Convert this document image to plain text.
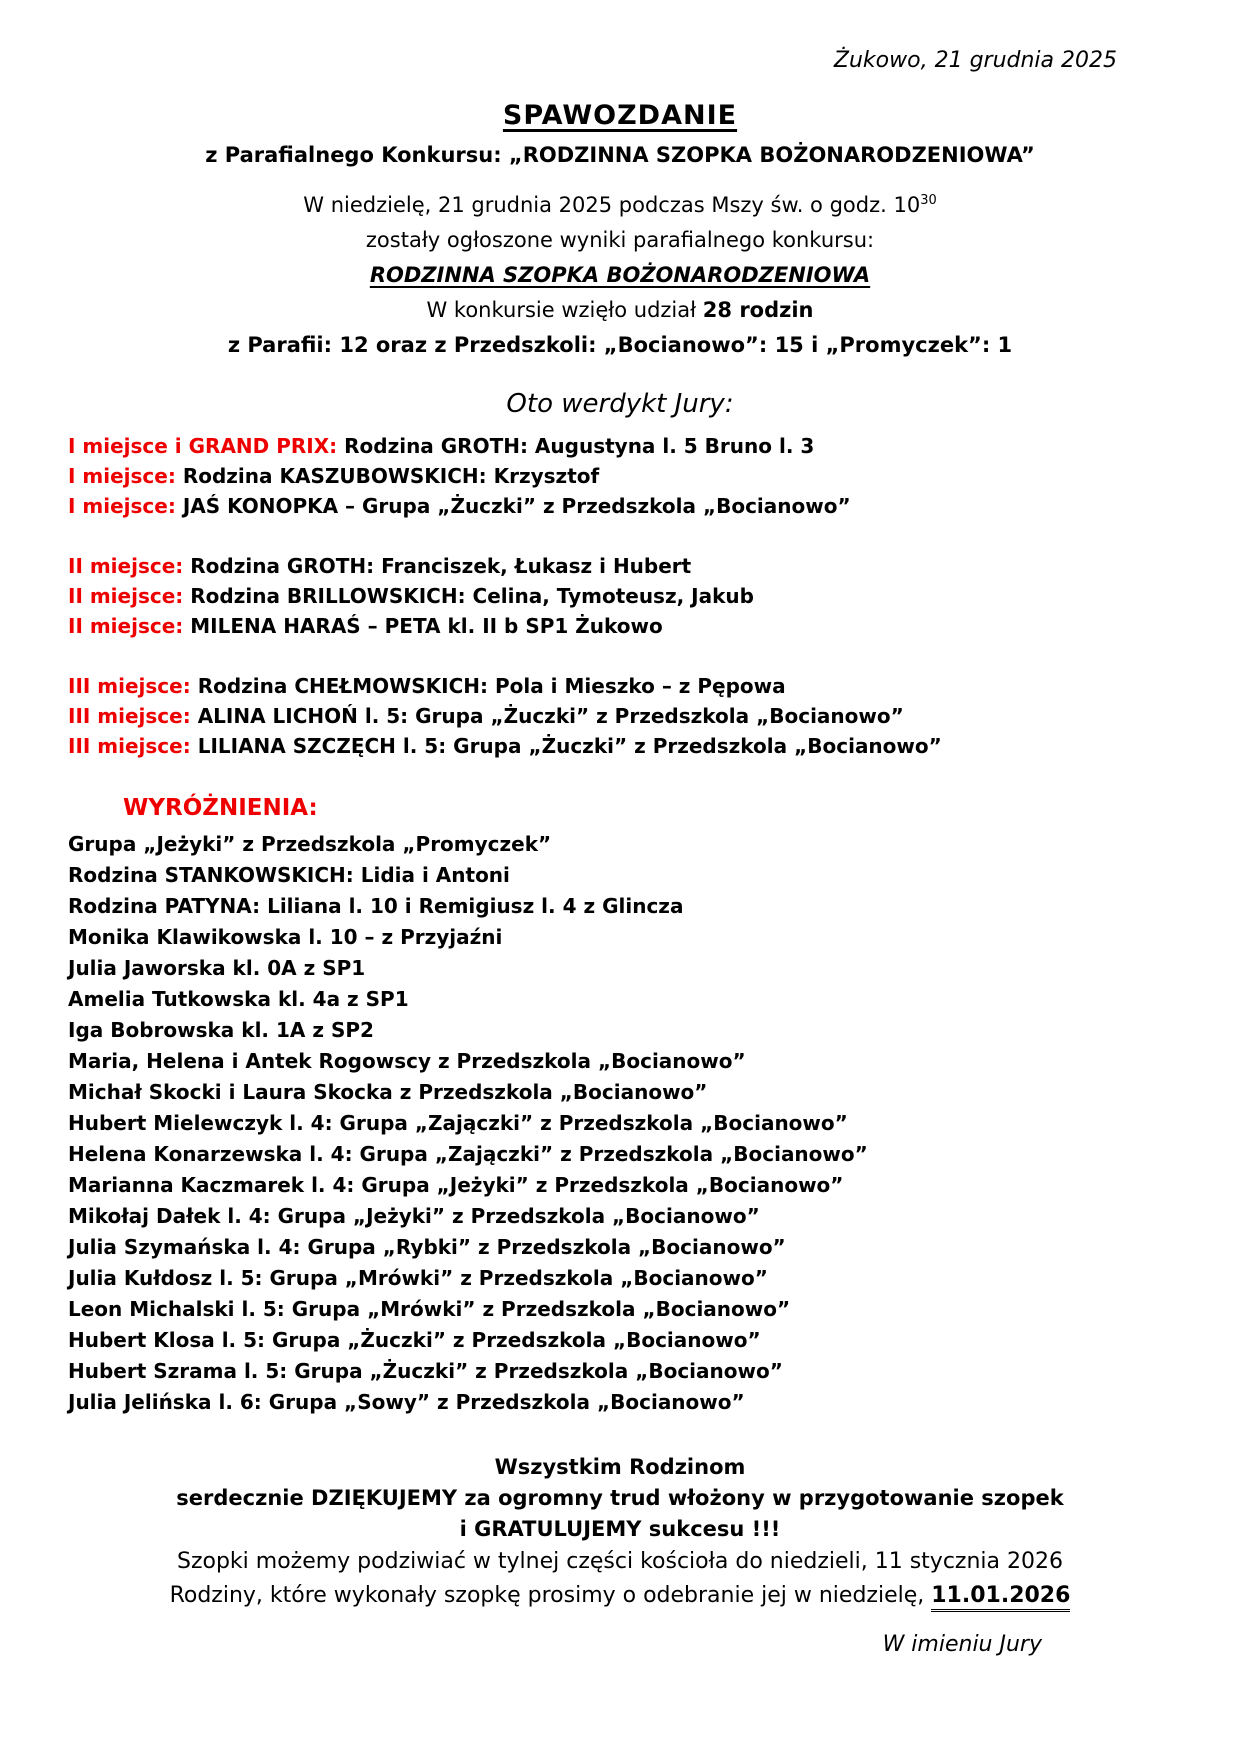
Żukowo, 21 grudnia 2025
SPAWOZDANIE
z Parafialnego Konkursu: „RODZINNA SZOPKA BOŻONARODZENIOWA”
W niedzielę, 21 grudnia 2025 podczas Mszy św. o godz. $10^{30}$
zostały ogłoszone wyniki parafialnego konkursu:
RODZINNA SZOPKA BOŻONARODZENIOWA
W konkursie wzięło udział 28 rodzin
z Parafii: 12 oraz z Przedszkoli: „Bocianowo”: 15 i „Promyczek”: 1
Oto werdykt Jury:
I miejsce i GRAND PRIX: Rodzina GROTH: Augustyna l. 5 Bruno l. 3
I miejsce: Rodzina KASZUBOWSKICH: Krzysztof
I miejsce: JAŚ KONOPKA – Grupa „Żuczki” z Przedszkola „Bocianowo”
II miejsce: Rodzina GROTH: Franciszek, Łukasz i Hubert
II miejsce: Rodzina BRILLOWSKICH: Celina, Tymoteusz, Jakub
II miejsce: MILENA HARAŚ – PETA kl. II b SP1 Żukowo
III miejsce: Rodzina CHEŁMOWSKICH: Pola i Mieszko – z Pępowa
III miejsce: ALINA LICHOŃ l. 5: Grupa „Żuczki” z Przedszkola „Bocianowo”
III miejsce: LILIANA SZCZĘCH l. 5: Grupa „Żuczki” z Przedszkola „Bocianowo”
WYRÓŻNIENIA:
Grupa „Jeżyki” z Przedszkola „Promyczek”
Rodzina STANKOWSKICH: Lidia i Antoni
Rodzina PATYNA: Liliana l. 10 i Remigiusz l. 4 z Glincza
Monika Klawikowska l. 10 – z Przyjaźni
Julia Jaworska kl. 0A z SP1
Amelia Tutkowska kl. 4a z SP1
Iga Bobrowska kl. 1A z SP2
Maria, Helena i Antek Rogowscy z Przedszkola „Bocianowo”
Michał Skocki i Laura Skocka z Przedszkola „Bocianowo”
Hubert Mielewczyk l. 4: Grupa „Zajączki” z Przedszkola „Bocianowo”
Helena Konarzewska l. 4: Grupa „Zajączki” z Przedszkola „Bocianowo”
Marianna Kaczmarek l. 4: Grupa „Jeżyki” z Przedszkola „Bocianowo”
Mikołaj Dałek l. 4: Grupa „Jeżyki” z Przedszkola „Bocianowo”
Julia Szymańska l. 4: Grupa „Rybki” z Przedszkola „Bocianowo”
Julia Kułdosz l. 5: Grupa „Mrówki” z Przedszkola „Bocianowo”
Leon Michalski l. 5: Grupa „Mrówki” z Przedszkola „Bocianowo”
Hubert Klosa l. 5: Grupa „Żuczki” z Przedszkola „Bocianowo”
Hubert Szrama l. 5: Grupa „Żuczki” z Przedszkola „Bocianowo”
Julia Jelińska l. 6: Grupa „Sowy” z Przedszkola „Bocianowo”
Wszystkim Rodzinom
serdecznie DZIĘKUJEMY za ogromny trud włożony w przygotowanie szopek
i GRATULUJEMY sukcesu !!!
Szopki możemy podziwiać w tylnej części kościoła do niedzieli, 11 stycznia 2026
Rodziny, które wykonały szopkę prosimy o odebranie jej w niedzielę, 11.01.2026
W imieniu Jury
